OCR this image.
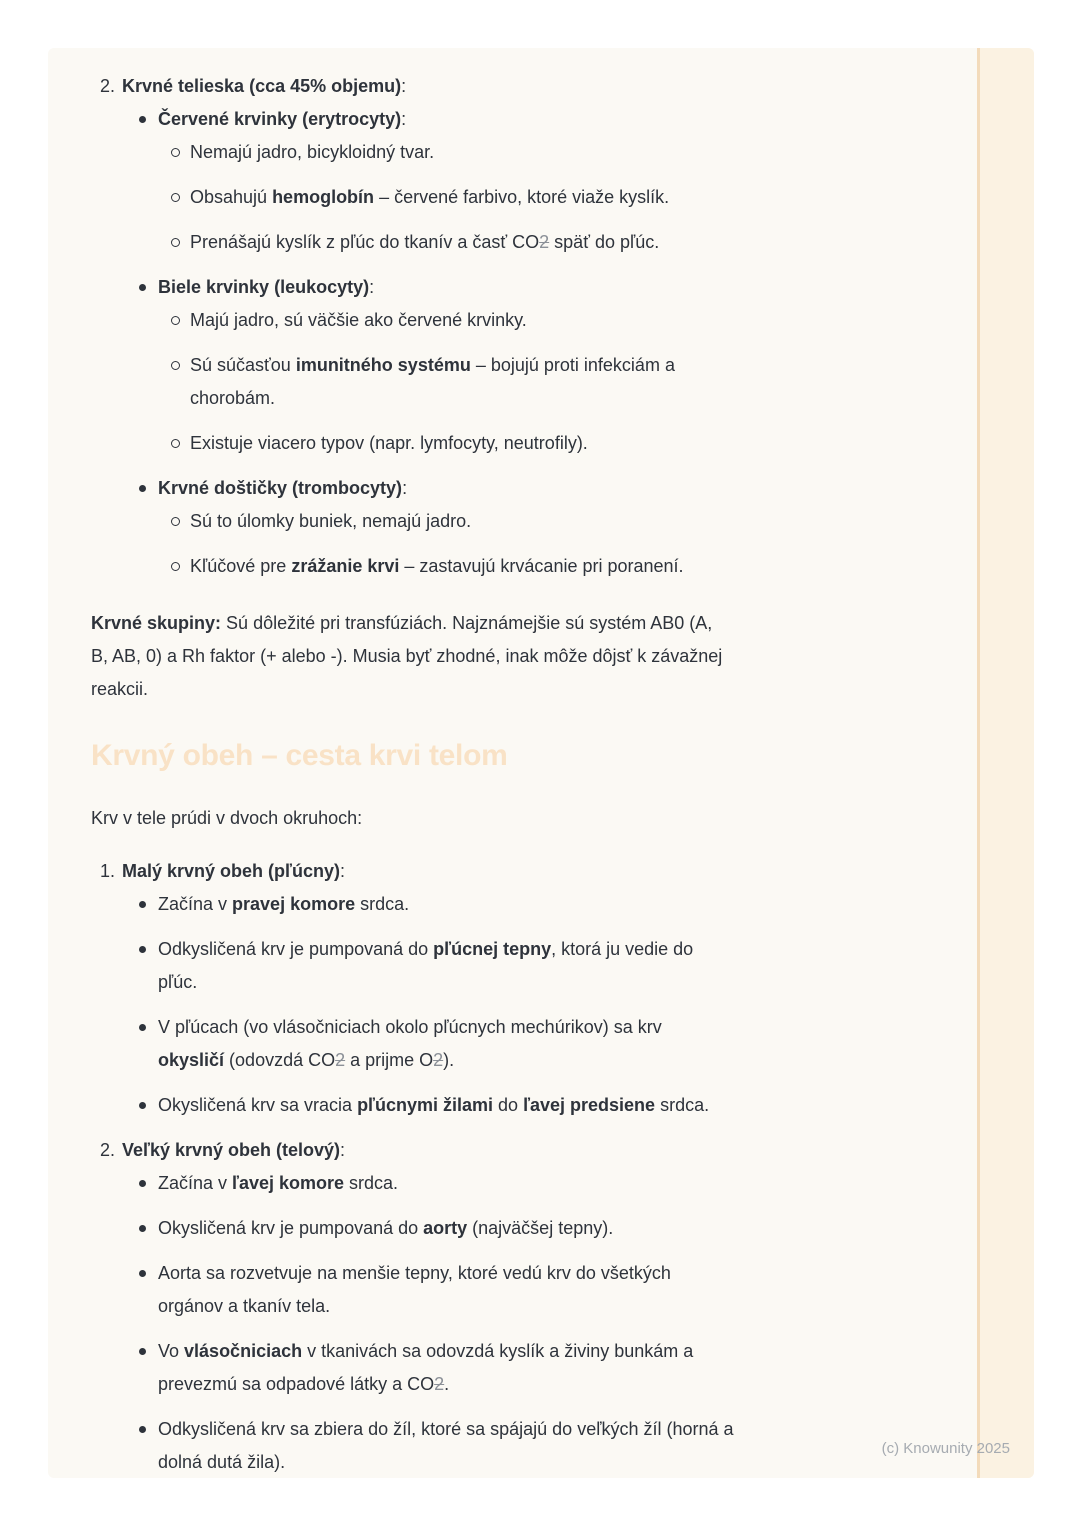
2. Krvné telieska (cca 45% objemu):
Červené krvinky (erytrocyty):
Nemajú jadro, bicykloidný tvar.
Obsahujú hemoglobín – červené farbivo, ktoré viaže kyslík.
Prenášajú kyslík z pľúc do tkanív a časť CO2 späť do pľúc.
Biele krvinky (leukocyty):
Majú jadro, sú väčšie ako červené krvinky.
Sú súčasťou imunitného systému – bojujú proti infekciám a
chorobám.
Existuje viacero typov (napr. lymfocyty, neutrofily).
Krvné doštičky (trombocyty):
Sú to úlomky buniek, nemajú jadro.
Kľúčové pre zrážanie krvi – zastavujú krvácanie pri poranení.
Krvné skupiny: Sú dôležité pri transfúziách. Najznámejšie sú systém AB0 (A,
B, AB, 0) a Rh faktor (+ alebo -). Musia byť zhodné, inak môže dôjsť k závažnej
reakcii.
Krvný obeh – cesta krvi telom
Krv v tele prúdi v dvoch okruhoch:
1. Malý krvný obeh (pľúcny):
Začína v pravej komore srdca.
Odkysličená krv je pumpovaná do pľúcnej tepny, ktorá ju vedie do
pľúc.
V pľúcach (vo vlásočniciach okolo pľúcnych mechúrikov) sa krv
okysličí (odovzdá CO2 a prijme O2).
Okysličená krv sa vracia pľúcnymi žilami do ľavej predsiene srdca.
2. Veľký krvný obeh (telový):
Začína v ľavej komore srdca.
Okysličená krv je pumpovaná do aorty (najväčšej tepny).
Aorta sa rozvetvuje na menšie tepny, ktoré vedú krv do všetkých
orgánov a tkanív tela.
Vo vlásočniciach v tkanivách sa odovzdá kyslík a živiny bunkám a
prevezmú sa odpadové látky a CO2.
Odkysličená krv sa zbiera do žíl, ktoré sa spájajú do veľkých žíl (horná a
dolná dutá žila).
(c) Knowunity 2025
